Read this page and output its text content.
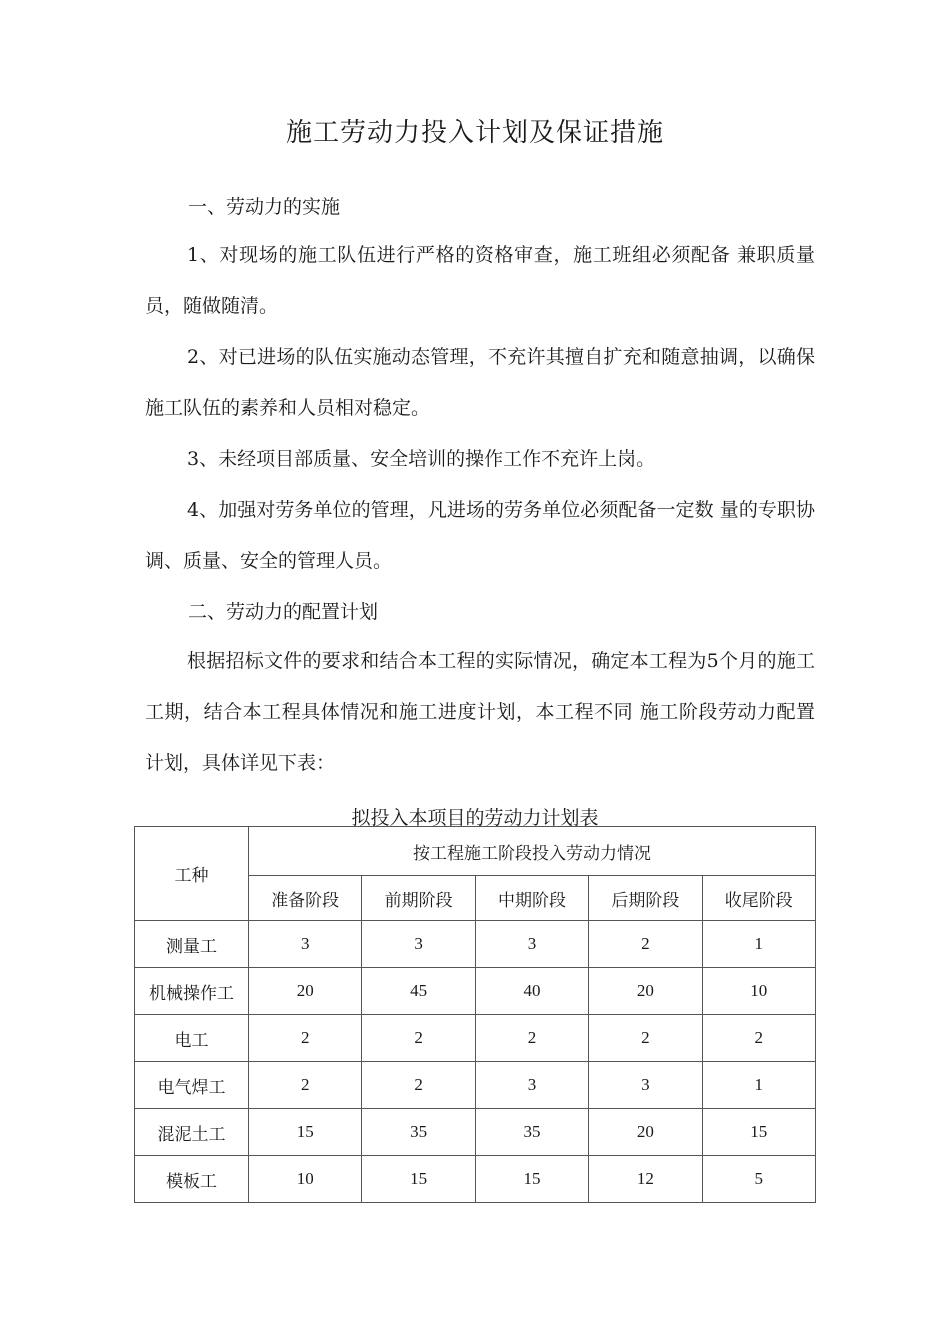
施工劳动力投入计划及保证措施

一、劳动力的实施

1、对现场的施工队伍进行严格的资格审查，施工班组必须配备 兼职质量员，随做随清。

2、对已进场的队伍实施动态管理，不充许其擅自扩充和随意抽调，以确保施工队伍的素养和人员相对稳定。

3、未经项目部质量、安全培训的操作工作不充许上岗。

4、加强对劳务单位的管理，凡进场的劳务单位必须配备一定数 量的专职协调、质量、安全的管理人员。

二、劳动力的配置计划

根据招标文件的要求和结合本工程的实际情况，确定本工程为5个月的施工工期，结合本工程具体情况和施工进度计划，本工程不同 施工阶段劳动力配置计划，具体详见下表：

拟投入本项目的劳动力计划表
工种	按工程施工阶段投入劳动力情况				
	准备阶段	前期阶段	中期阶段	后期阶段	收尾阶段
测量工	3	3	3	2	1
机械操作工	20	45	40	20	10
电工	2	2	2	2	2
电气焊工	2	2	3	3	1
混泥土工	15	35	35	20	15
模板工	10	15	15	12	5
